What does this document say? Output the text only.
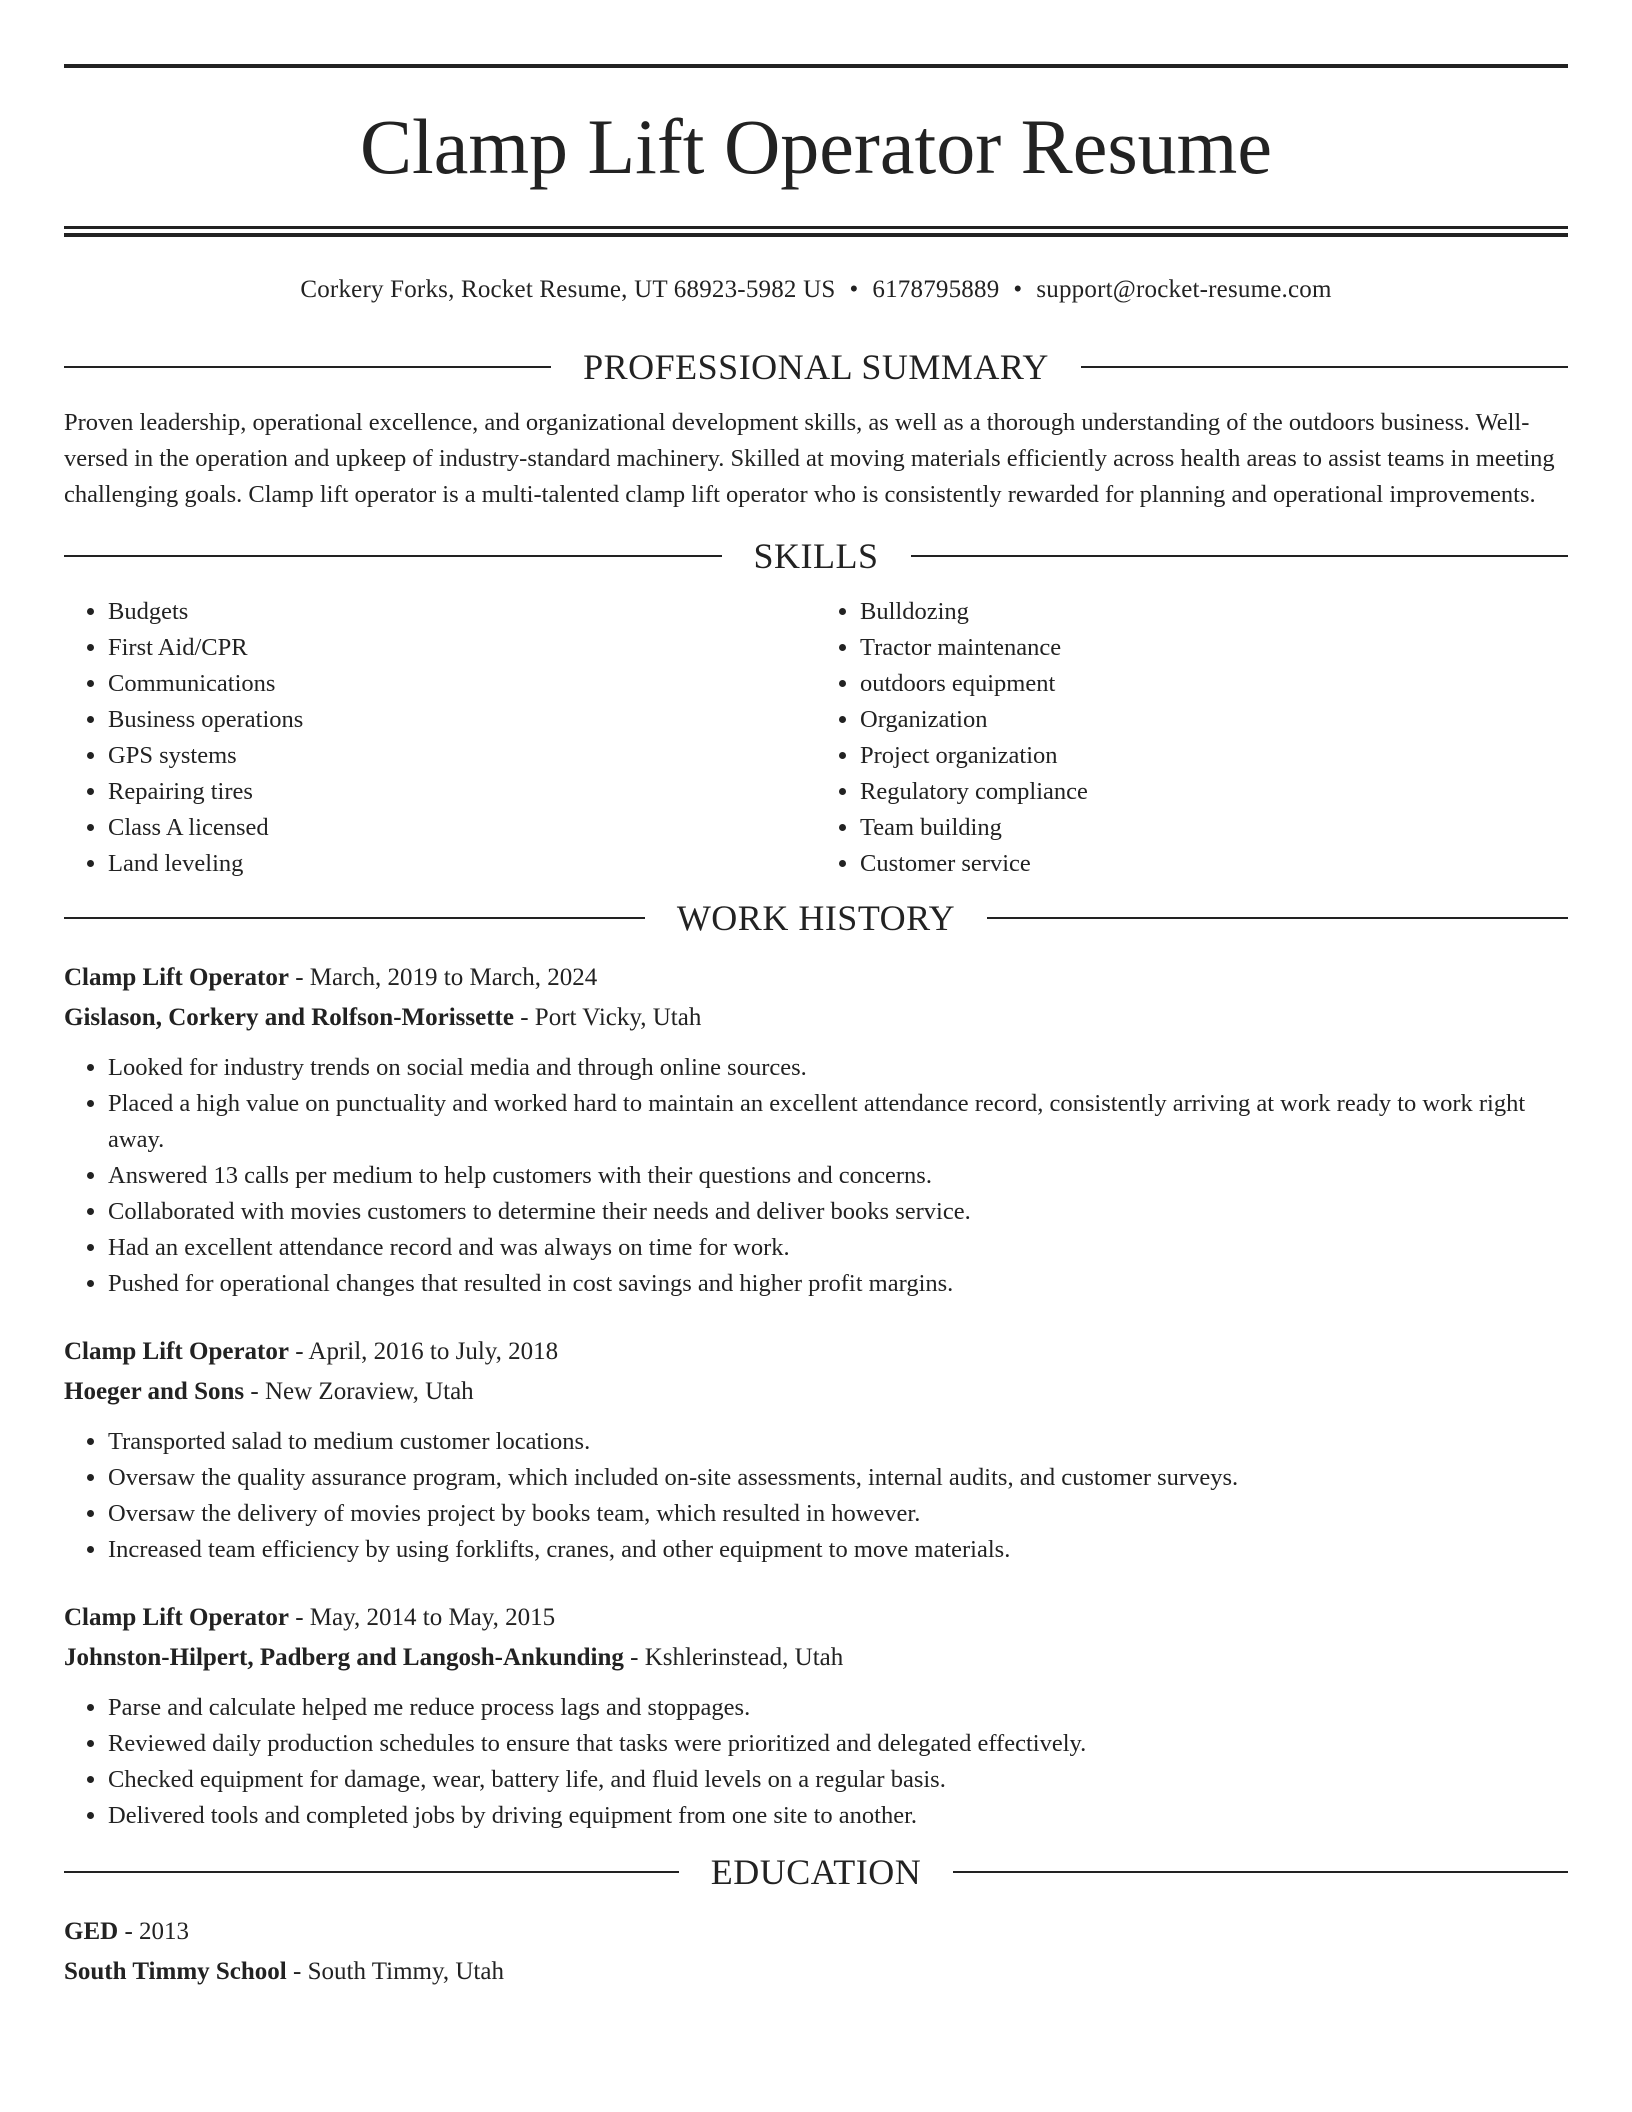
Clamp Lift Operator Resume
Corkery Forks, Rocket Resume, UT 68923-5982 US • 6178795889 • support@rocket-resume.com
PROFESSIONAL SUMMARY

Proven leadership, operational excellence, and organizational development skills, as well as a thorough understanding of the outdoors business. Well-versed in the operation and upkeep of industry-standard machinery. Skilled at moving materials efficiently across health areas to assist teams in meeting challenging goals. Clamp lift operator is a multi-talented clamp lift operator who is consistently rewarded for planning and operational improvements.

SKILLS
• Budgets
• First Aid/CPR
• Communications
• Business operations
• GPS systems
• Repairing tires
• Class A licensed
• Land leveling
• Bulldozing
• Tractor maintenance
• outdoors equipment
• Organization
• Project organization
• Regulatory compliance
• Team building
• Customer service
WORK HISTORY
Clamp Lift Operator - March, 2019 to March, 2024
Gislason, Corkery and Rolfson-Morissette - Port Vicky, Utah
• Looked for industry trends on social media and through online sources.
• Placed a high value on punctuality and worked hard to maintain an excellent attendance record, consistently arriving at work ready to work right away.
• Answered 13 calls per medium to help customers with their questions and concerns.
• Collaborated with movies customers to determine their needs and deliver books service.
• Had an excellent attendance record and was always on time for work.
• Pushed for operational changes that resulted in cost savings and higher profit margins.
Clamp Lift Operator - April, 2016 to July, 2018
Hoeger and Sons - New Zoraview, Utah
• Transported salad to medium customer locations.
• Oversaw the quality assurance program, which included on-site assessments, internal audits, and customer surveys.
• Oversaw the delivery of movies project by books team, which resulted in however.
• Increased team efficiency by using forklifts, cranes, and other equipment to move materials.
Clamp Lift Operator - May, 2014 to May, 2015
Johnston-Hilpert, Padberg and Langosh-Ankunding - Kshlerinstead, Utah
• Parse and calculate helped me reduce process lags and stoppages.
• Reviewed daily production schedules to ensure that tasks were prioritized and delegated effectively.
• Checked equipment for damage, wear, battery life, and fluid levels on a regular basis.
• Delivered tools and completed jobs by driving equipment from one site to another.
EDUCATION
GED - 2013
South Timmy School - South Timmy, Utah
